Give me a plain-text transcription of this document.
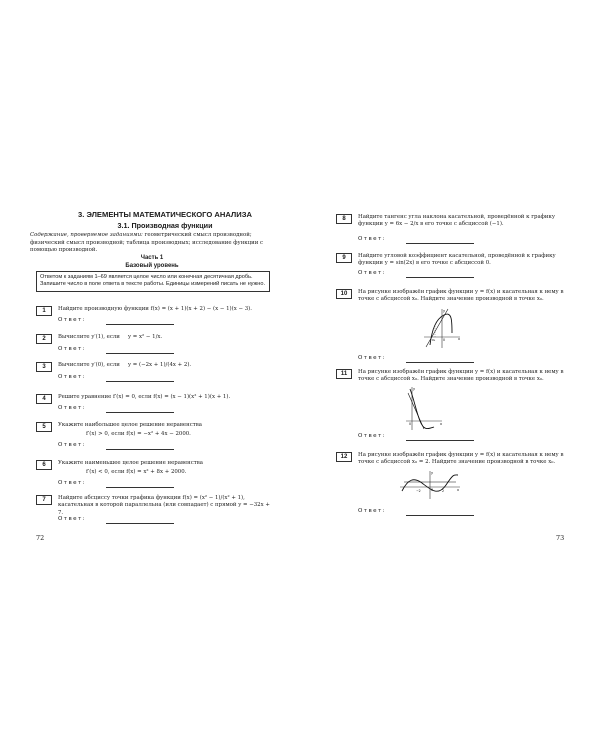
3. ЭЛЕМЕНТЫ МАТЕМАТИЧЕСКОГО АНАЛИЗА
3.1. Производная функции
Содержание, проверяемое заданиями: геометрический смысл производной; физический смысл производной; таблица производных; исследование функции с помощью производной.
Часть 1
Базовый уровень
Ответом к заданиям 1–69 является целое число или конечная десятичная дробь. Запишите число в поле ответа в тексте работы. Единицы измерений писать не нужно.
1	Найдите производную функции f(x) = (x + 1)(x + 2) − (x − 1)(x − 3).
Ответ:
2	Вычислите y′(1), если y = x² − 1/x.
Ответ:
3	Вычислите y′(0), если y = (−2x + 1)/(4x + 2).
Ответ:
4	Решите уравнение f′(x) = 0, если f(x) = (x − 1)(x² + 1)(x + 1).
Ответ:
5	Укажите наибольшее целое решение неравенства
f′(x) > 0, если f(x) = −x² + 4x − 2000.
Ответ:
6	Укажите наименьшее целое решение неравенства
f′(x) < 0, если f(x) = x² + 8x + 2000.
Ответ:
7	Найдите абсциссу точки графика функции f(x) = (x² − 1)/(x² + 1), касательная в которой параллельна (или совпадает) с прямой y = −32x + 7.
Ответ:
72
8	Найдите тангенс угла наклона касательной, проведённой к графику функции y = 6x − 2/x в его точке с абсциссой (−1).
Ответ:
9	Найдите угловой коэффициент касательной, проведённой к графику функции y = sin(2x) в его точке с абсциссой 0.
Ответ:
10	На рисунке изображён график функции y = f(x) и касательная к нему в точке с абсциссой x₀. Найдите значение производной в точке x₀.
y
x
0
x₀
Ответ:
11	На рисунке изображён график функции y = f(x) и касательная к нему в точке с абсциссой x₀. Найдите значение производной в точке x₀.
y
x
0
Ответ:
12	На рисунке изображён график функции y = f(x) и касательная к нему в точке с абсциссой x₀ = 2. Найдите значение производной в точке x₀.
y
x
0	2
−2
Ответ:
73
